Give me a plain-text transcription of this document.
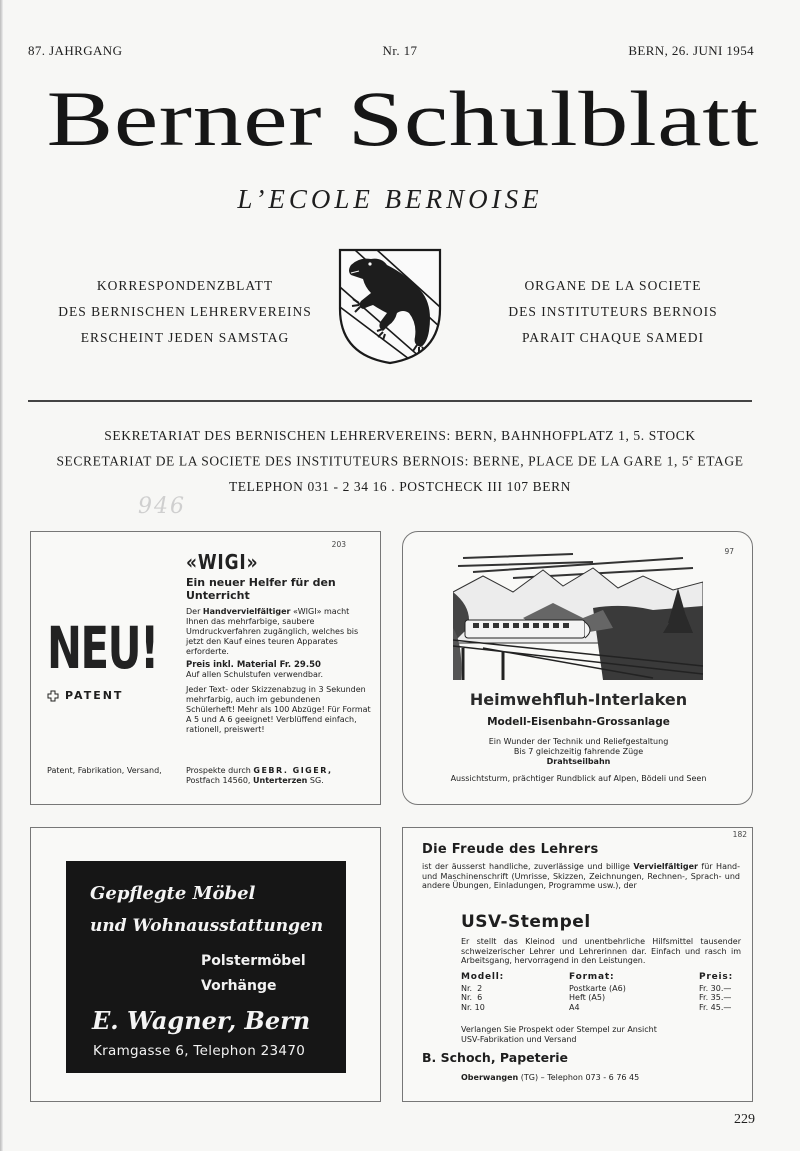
87. JAHRGANG	Nr. 17	BERN, 26. JUNI 1954
Berner Schulblatt
L’ECOLE BERNOISE
KORRESPONDENZBLATT
DES BERNISCHEN LEHRERVEREINS
ERSCHEINT JEDEN SAMSTAG
ORGANE DE LA SOCIETE
DES INSTITUTEURS BERNOIS
PARAIT CHAQUE SAMEDI
SEKRETARIAT DES BERNISCHEN LEHRERVEREINS: BERN, BAHNHOFPLATZ 1, 5. STOCK
SECRETARIAT DE LA SOCIETE DES INSTITUTEURS BERNOIS: BERNE, PLACE DE LA GARE 1, 5e ETAGE
TELEPHON 031 - 2 34 16 . POSTCHECK III 107 BERN
946
203
NEU!
PATENT
«WIGI»
Ein neuer Helfer für den Unterricht
Der Handvervielfältiger «WIGI» macht Ihnen das mehrfarbige, saubere Umdruckverfahren zugänglich, welches bis jetzt den Kauf eines teuren Apparates erforderte.
Preis inkl. Material Fr. 29.50
Auf allen Schulstufen verwendbar.
Jeder Text- oder Skizzenabzug in 3 Sekunden mehrfarbig, auch im gebundenen Schülerheft! Mehr als 100 Abzüge! Für Format A 5 und A 6 geeignet! Verblüffend einfach, rationell, preiswert!
Patent, Fabrikation, Versand,	Prospekte durch GEBR. GIGER,
Postfach 14560, Unterterzen SG.
97
Heimwehfluh-Interlaken
Modell-Eisenbahn-Grossanlage
Ein Wunder der Technik und Reliefgestaltung
Bis 7 gleichzeitig fahrende Züge
Drahtseilbahn
Aussichtsturm, prächtiger Rundblick auf Alpen, Bödeli und Seen
Gepflegte Möbel
und Wohnausstattungen
Polstermöbel
Vorhänge
E. Wagner, Bern
Kramgasse 6, Telephon 23470
182
Die Freude des Lehrers
ist der äusserst handliche, zuverlässige und billige Vervielfältiger für Hand- und Maschinenschrift (Umrisse, Skizzen, Zeichnungen, Rechnen-, Sprach- und andere Übungen, Einladungen, Programme usw.), der
USV-Stempel
Er stellt das Kleinod und unentbehrliche Hilfsmittel tausender schweizerischer Lehrer und Lehrerinnen dar. Einfach und rasch im Arbeitsgang, hervorragend in den Leistungen.
Modell:	Format:	Preis:
Nr.  2	Postkarte (A6)	Fr. 30.—
Nr.  6	Heft (A5)	Fr. 35.—
Nr. 10	A4	Fr. 45.—
Verlangen Sie Prospekt oder Stempel zur Ansicht
USV-Fabrikation und Versand
B. Schoch, Papeterie
Oberwangen (TG) – Telephon 073 - 6 76 45
229
